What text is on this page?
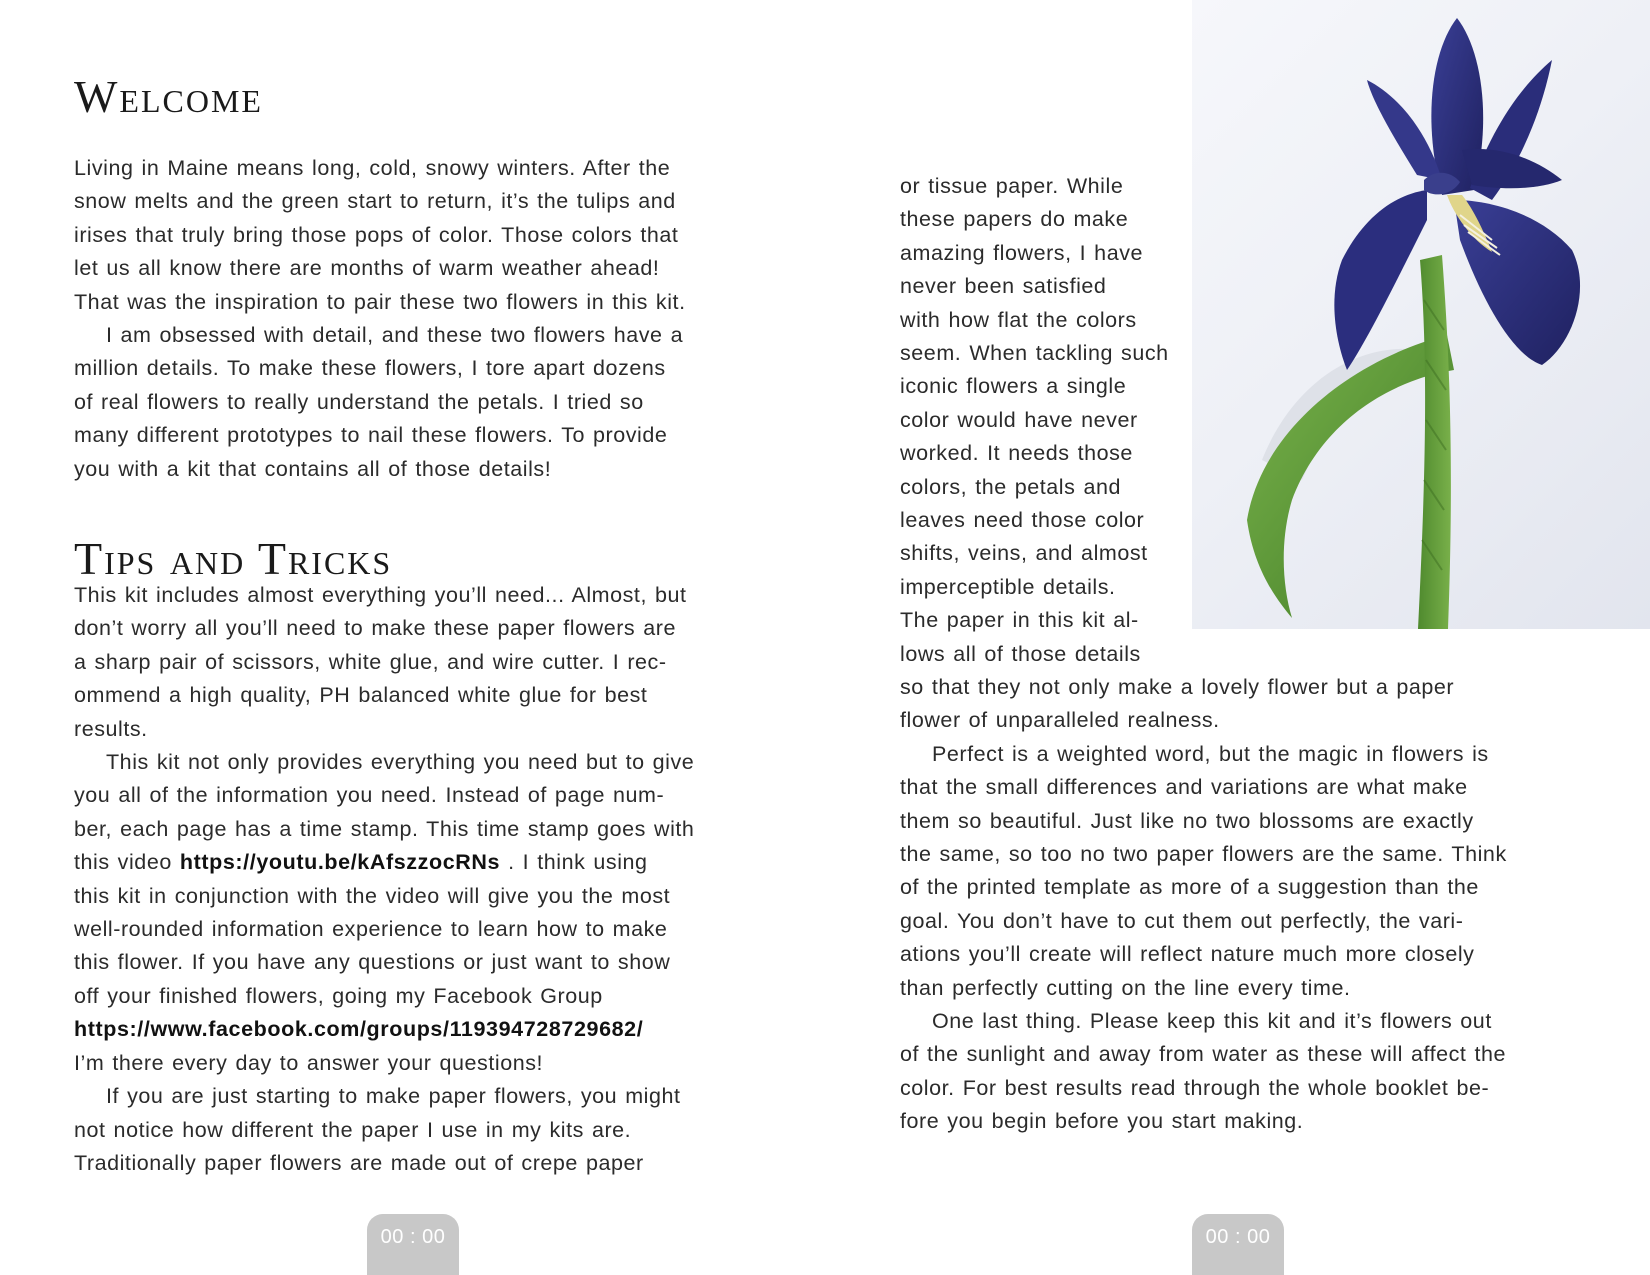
Welcome
Living in Maine means long, cold, snowy winters. After the
snow melts and the green start to return, it’s the tulips and
irises that truly bring those pops of color. Those colors that
let us all know there are months of warm weather ahead!
That was the inspiration to pair these two flowers in this kit.
I am obsessed with detail, and these two flowers have a
million details. To make these flowers, I tore apart dozens
of real flowers to really understand the petals. I tried so
many different prototypes to nail these flowers. To provide
you with a kit that contains all of those details!
Tips and Tricks
This kit includes almost everything you’ll need... Almost, but
don’t worry all you’ll need to make these paper flowers are
a sharp pair of scissors, white glue, and wire cutter. I rec-
ommend a high quality, PH balanced white glue for best
results.
This kit not only provides everything you need but to give
you all of the information you need. Instead of page num-
ber, each page has a time stamp. This time stamp goes with
this video https://youtu.be/kAfszzocRNs . I think using
this kit in conjunction with the video will give you the most
well-rounded information experience to learn how to make
this flower. If you have any questions or just want to show
off your finished flowers, going my Facebook Group
https://www.facebook.com/groups/119394728729682/
I’m there every day to answer your questions!
If you are just starting to make paper flowers, you might
not notice how different the paper I use in my kits are.
Traditionally paper flowers are made out of crepe paper
00 : 00
or tissue paper. While
these papers do make
amazing flowers, I have
never been satisfied
with how flat the colors
seem. When tackling such
iconic flowers a single
color would have never
worked. It needs those
colors, the petals and
leaves need those color
shifts, veins, and almost
imperceptible details.
The paper in this kit al-
lows all of those details
so that they not only make a lovely flower but a paper
flower of unparalleled realness.
Perfect is a weighted word, but the magic in flowers is
that the small differences and variations are what make
them so beautiful. Just like no two blossoms are exactly
the same, so too no two paper flowers are the same. Think
of the printed template as more of a suggestion than the
goal. You don’t have to cut them out perfectly, the vari-
ations you’ll create will reflect nature much more closely
than perfectly cutting on the line every time.
One last thing. Please keep this kit and it’s flowers out
of the sunlight and away from water as these will affect the
color. For best results read through the whole booklet be-
fore you begin before you start making.
00 : 00
